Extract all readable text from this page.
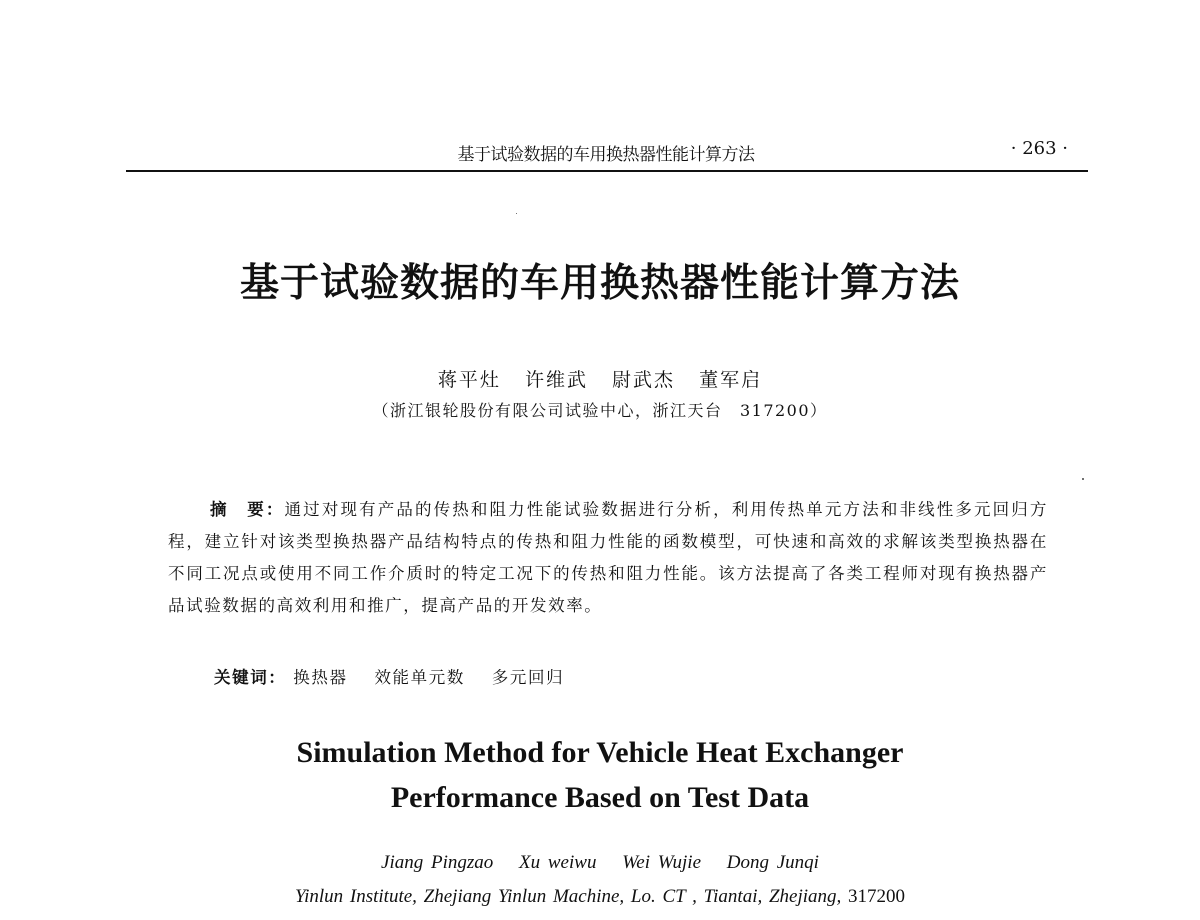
基于试验数据的车用换热器性能计算方法	· 263 ·
基于试验数据的车用换热器性能计算方法
蒋平灶 许维武 尉武杰 董军启
（浙江银轮股份有限公司试验中心，浙江天台　317200）
摘　要：通过对现有产品的传热和阻力性能试验数据进行分析，利用传热单元方法和非线性多元回归方程，建立针对该类型换热器产品结构特点的传热和阻力性能的函数模型，可快速和高效的求解该类型换热器在不同工况点或使用不同工作介质时的特定工况下的传热和阻力性能。该方法提高了各类工程师对现有换热器产品试验数据的高效利用和推广，提高产品的开发效率。
关键词： 换热器 效能单元数 多元回归
Simulation Method for Vehicle Heat Exchanger
Performance Based on Test Data
Jiang Pingzao Xu weiwu Wei Wujie Dong Junqi
Yinlun Institute, Zhejiang Yinlun Machine, Lo. CT , Tiantai, Zhejiang, 317200
